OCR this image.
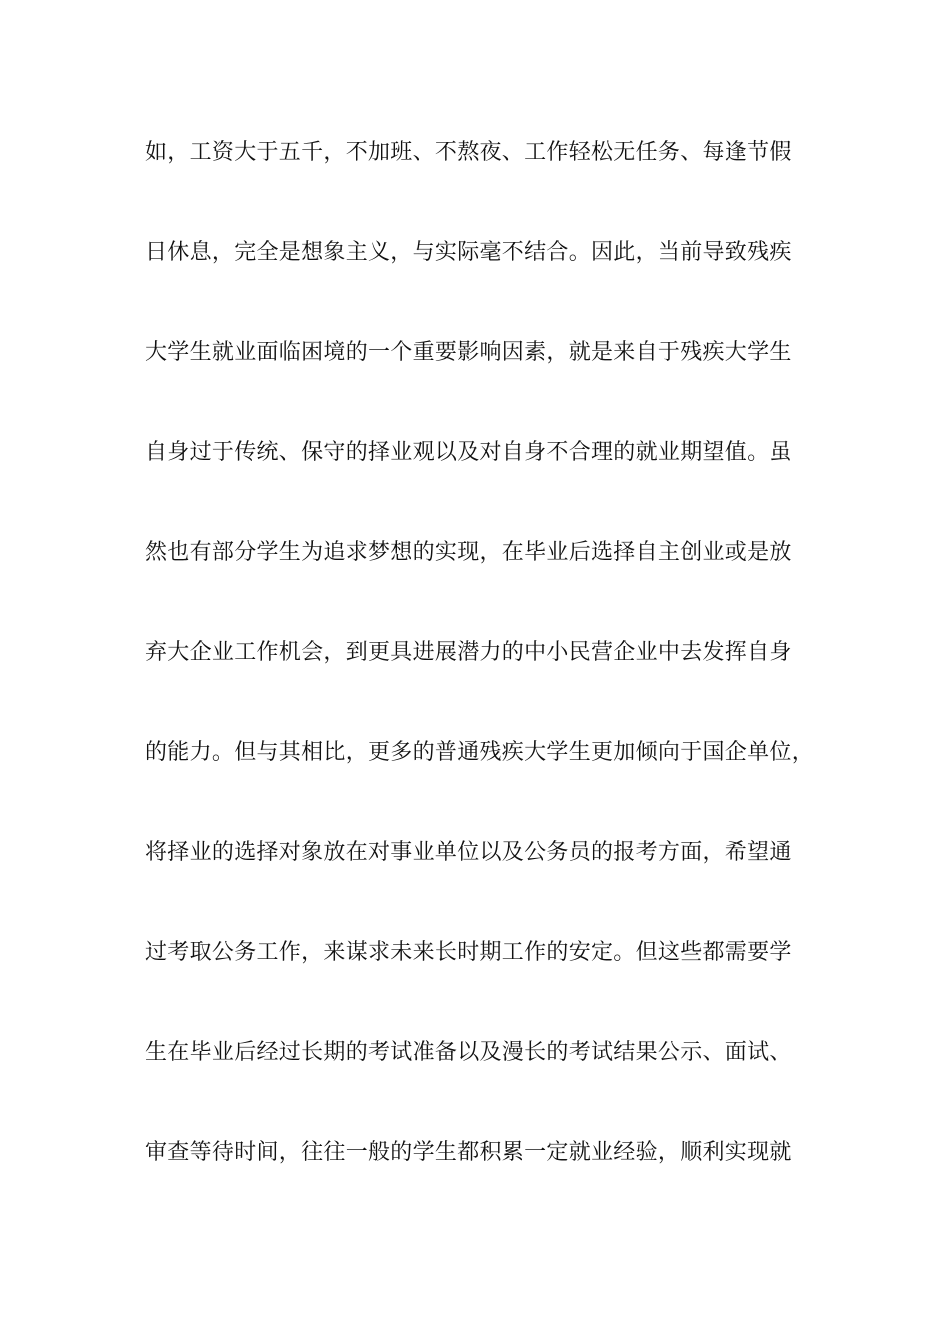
如，工资大于五千，不加班、不熬夜、工作轻松无任务、每逢节假
日休息，完全是想象主义，与实际毫不结合。因此，当前导致残疾
大学生就业面临困境的一个重要影响因素，就是来自于残疾大学生
自身过于传统、保守的择业观以及对自身不合理的就业期望值。虽
然也有部分学生为追求梦想的实现，在毕业后选择自主创业或是放
弃大企业工作机会，到更具进展潜力的中小民营企业中去发挥自身
的能力。但与其相比，更多的普通残疾大学生更加倾向于国企单位，
将择业的选择对象放在对事业单位以及公务员的报考方面，希望通
过考取公务工作，来谋求未来长时期工作的安定。但这些都需要学
生在毕业后经过长期的考试准备以及漫长的考试结果公示、面试、
审查等待时间，往往一般的学生都积累一定就业经验，顺利实现就
